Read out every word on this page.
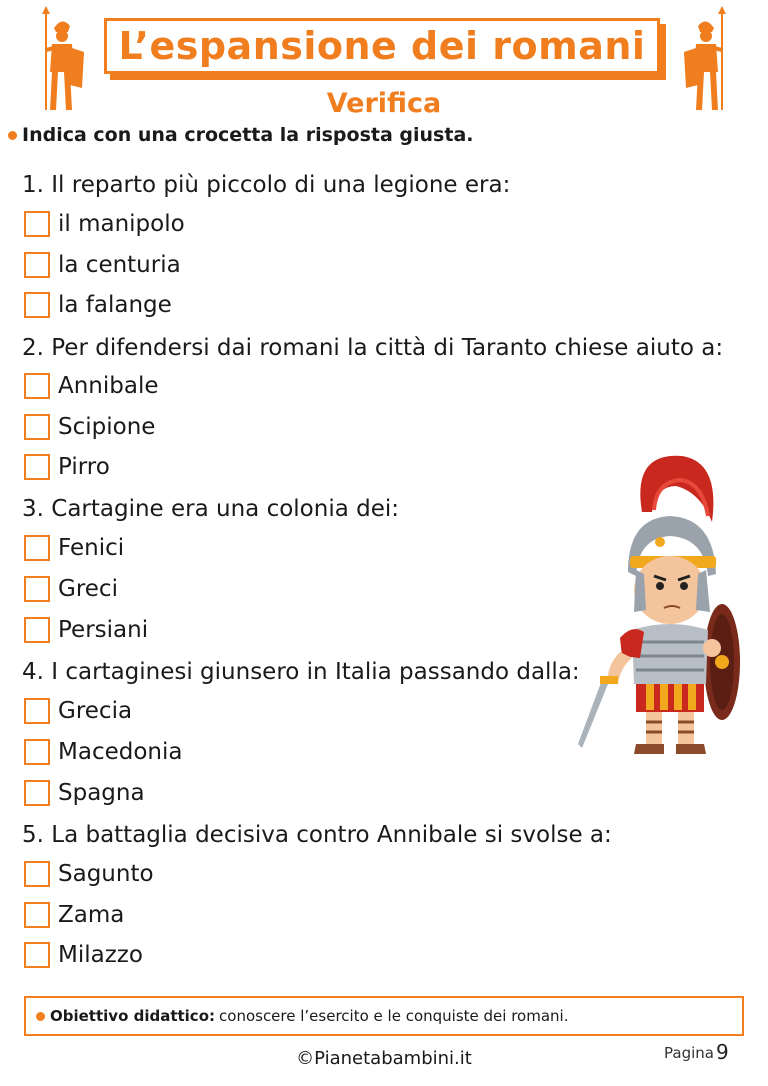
L’espansione dei romani
Verifica
Indica con una crocetta la risposta giusta.
1. Il reparto più piccolo di una legione era:
il manipolo
la centuria
la falange
2. Per difendersi dai romani la città di Taranto chiese aiuto a:
Annibale
Scipione
Pirro
3. Cartagine era una colonia dei:
Fenici
Greci
Persiani
4. I cartaginesi giunsero in Italia passando dalla:
Grecia
Macedonia
Spagna
5. La battaglia decisiva contro Annibale si svolse a:
Sagunto
Zama
Milazzo
Obiettivo didattico: conoscere l’esercito e le conquiste dei romani.
©Pianetabambini.it	Pagina 9
